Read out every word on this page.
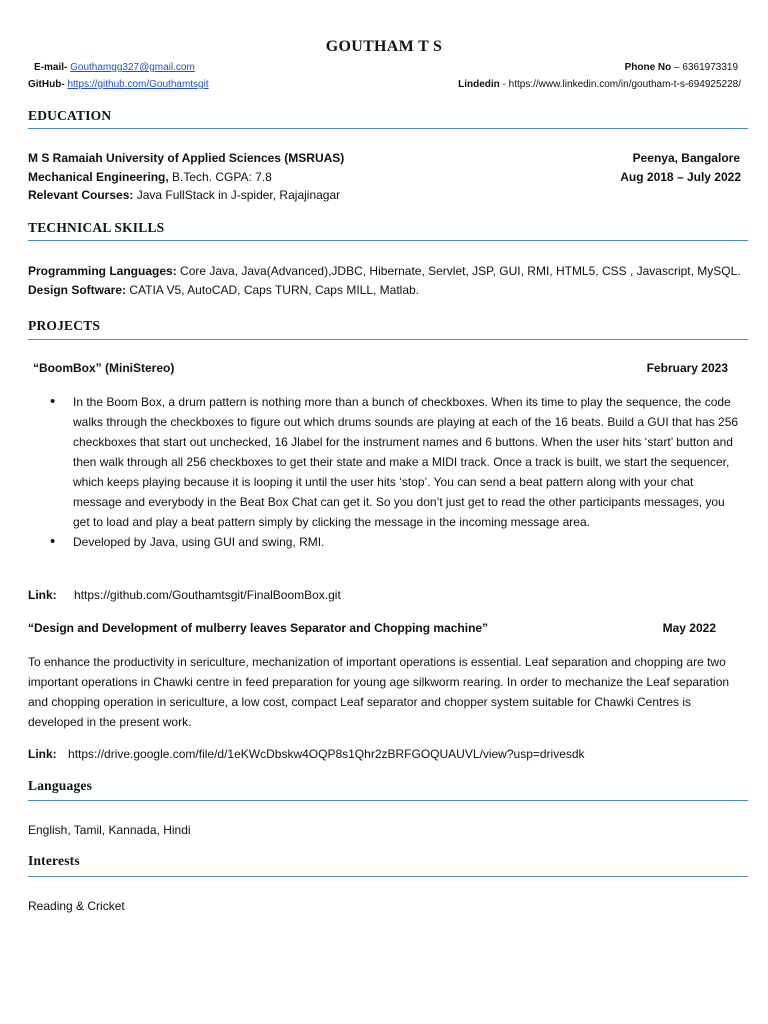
GOUTHAM T S
E-mail- Gouthamgg327@gmail.com	Phone No – 6361973319
GitHub- https://github.com/Gouthamtsgit	Lindedin - https://www.linkedin.com/in/goutham-t-s-694925228/
EDUCATION
M S Ramaiah University of Applied Sciences (MSRUAS)	Peenya, Bangalore
Mechanical Engineering, B.Tech. CGPA: 7.8	Aug 2018 – July 2022
Relevant Courses: Java FullStack in J-spider, Rajajinagar
TECHNICAL SKILLS
Programming Languages: Core Java, Java(Advanced),JDBC, Hibernate, Servlet, JSP, GUI, RMI, HTML5, CSS , Javascript, MySQL.
Design Software: CATIA V5, AutoCAD, Caps TURN, Caps MILL, Matlab.
PROJECTS
“BoomBox” (MiniStereo)	February 2023
• In the Boom Box, a drum pattern is nothing more than a bunch of checkboxes. When its time to play the sequence, the code walks through the checkboxes to figure out which drums sounds are playing at each of the 16 beats. Build a GUI that has 256 checkboxes that start out unchecked, 16 Jlabel for the instrument names and 6 buttons. When the user hits ‘start’ button and then walk through all 256 checkboxes to get their state and make a MIDI track. Once a track is built, we start the sequencer, which keeps playing because it is looping it until the user hits ‘stop’. You can send a beat pattern along with your chat message and everybody in the Beat Box Chat can get it. So you don’t just get to read the other participants messages, you get to load and play a beat pattern simply by clicking the message in the incoming message area.
• Developed by Java, using GUI and swing, RMI.
Link: https://github.com/Gouthamtsgit/FinalBoomBox.git
“Design and Development of mulberry leaves Separator and Chopping machine”	May 2022
To enhance the productivity in sericulture, mechanization of important operations is essential. Leaf separation and chopping are two important operations in Chawki centre in feed preparation for young age silkworm rearing. In order to mechanize the Leaf separation and chopping operation in sericulture, a low cost, compact Leaf separator and chopper system suitable for Chawki Centres is developed in the present work.
Link: https://drive.google.com/file/d/1eKWcDbskw4OQP8s1Qhr2zBRFGOQUAUVL/view?usp=drivesdk
Languages
English, Tamil, Kannada, Hindi
Interests
Reading & Cricket
